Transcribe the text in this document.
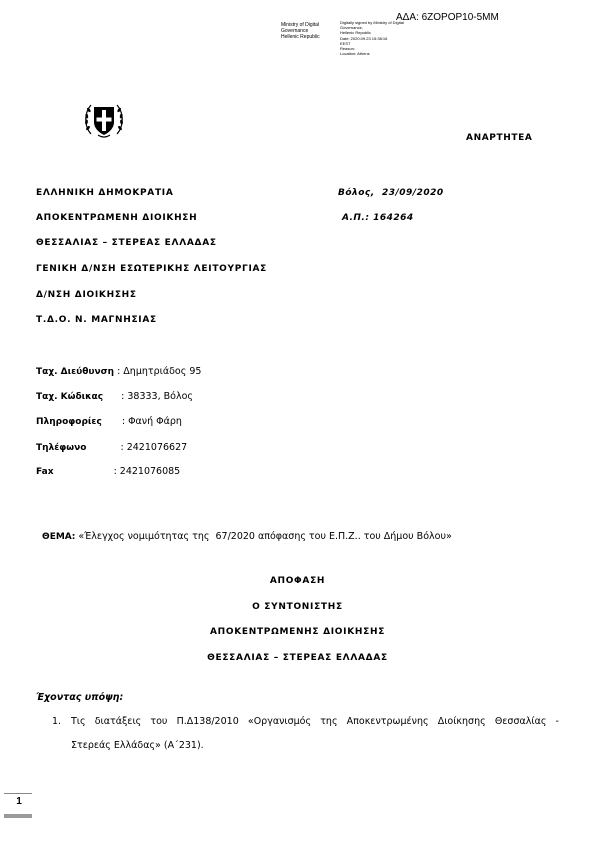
ΑΔΑ: 6ΖΟΡΟΡ10-5ΜΜ
Ministry of Digital
Governance
Hellenic Republic
Digitally signed by Ministry of Digital
Governance,
Hellenic Republic
Date: 2020.09.23 15:38:16
EEST
Reason:
Location: Athens
ΑΝΑΡΤΗΤΕΑ
ΕΛΛΗΝΙΚΗ ΔΗΜΟΚΡΑΤΙΑ
ΑΠΟΚΕΝΤΡΩΜΕΝΗ ΔΙΟΙΚΗΣΗ
ΘΕΣΣΑΛΙΑΣ – ΣΤΕΡΕΑΣ ΕΛΛΑΔΑΣ
ΓΕΝΙΚΗ Δ/ΝΣΗ ΕΣΩΤΕΡΙΚΗΣ ΛΕΙΤΟΥΡΓΙΑΣ
Δ/ΝΣΗ ΔΙΟΙΚΗΣΗΣ
Τ.Δ.Ο. Ν. ΜΑΓΝΗΣΙΑΣ
Βόλος,  23/09/2020
Α.Π.: 164264
Ταχ. Διεύθυνση : Δημητριάδος 95
Ταχ. Κώδικας : 38333, Βόλος
Πληροφορίες : Φανή Φάρη
Τηλέφωνο	: 2421076627
Fax	: 2421076085

ΘΕΜΑ: «Έλεγχος νομιμότητας της  67/2020 απόφασης του Ε.Π.Ζ.. του Δήμου Βόλου»

ΑΠΟΦΑΣΗ
Ο ΣΥΝΤΟΝΙΣΤΗΣ
ΑΠΟΚΕΝΤΡΩΜΕΝΗΣ ΔΙΟΙΚΗΣΗΣ
ΘΕΣΣΑΛΙΑΣ – ΣΤΕΡΕΑΣ ΕΛΛΑΔΑΣ
Έχοντας υπόψη:
1. Τις διατάξεις του Π.Δ138/2010 «Οργανισμός της Αποκεντρωμένης Διοίκησης Θεσσαλίας -
Στερεάς Ελλάδας» (Α΄231).
1
